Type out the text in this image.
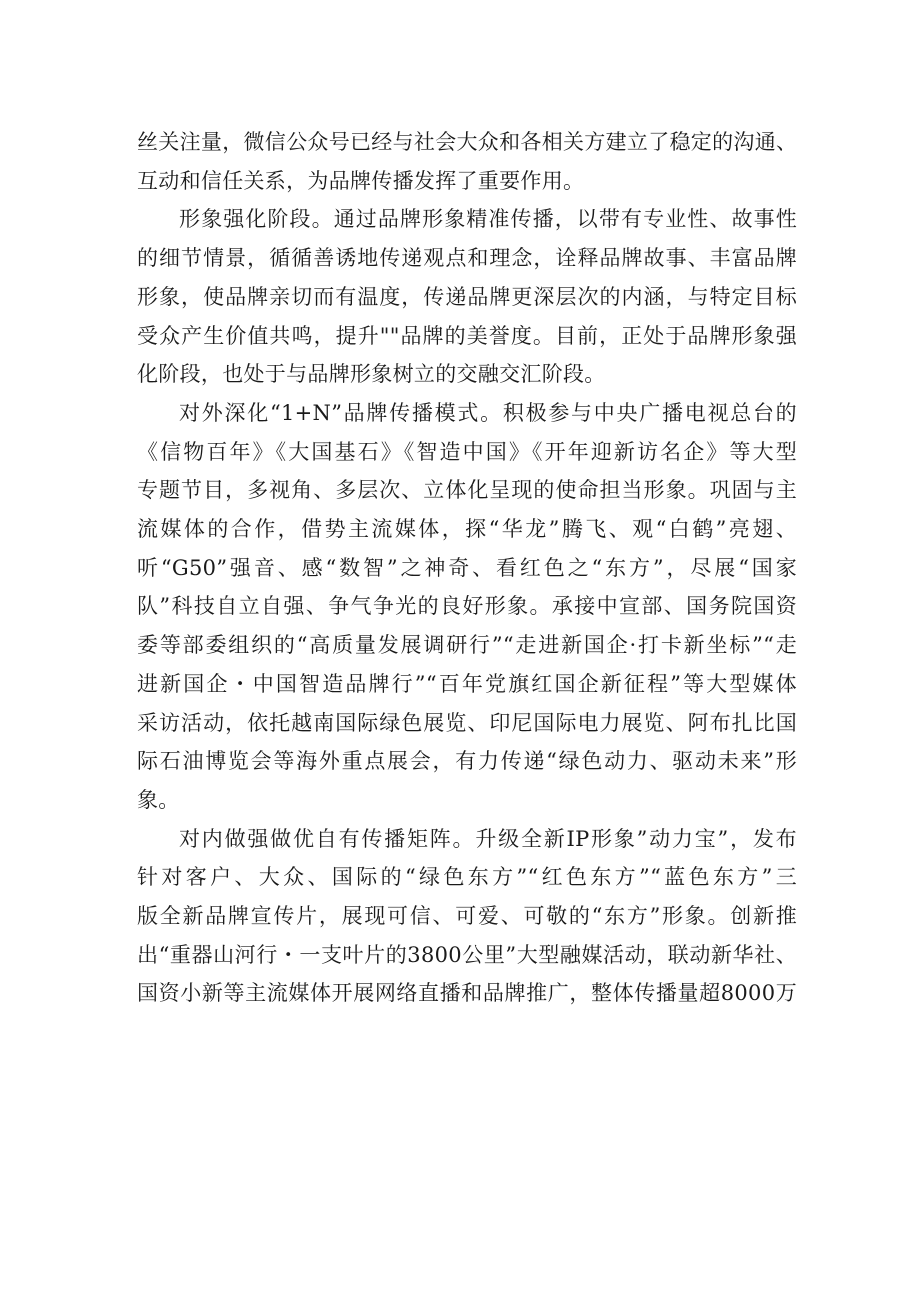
丝关注量，微信公众号已经与社会大众和各相关方建立了稳定的沟通、
互动和信任关系，为品牌传播发挥了重要作用。
形象强化阶段。通过品牌形象精准传播，以带有专业性、故事性
的细节情景，循循善诱地传递观点和理念，诠释品牌故事、丰富品牌
形象，使品牌亲切而有温度，传递品牌更深层次的内涵，与特定目标
受众产生价值共鸣，提升""品牌的美誉度。目前，正处于品牌形象强
化阶段，也处于与品牌形象树立的交融交汇阶段。
对外深化“1+N”品牌传播模式。积极参与中央广播电视总台的
《信物百年》《大国基石》《智造中国》《开年迎新访名企》等大型
专题节目，多视角、多层次、立体化呈现的使命担当形象。巩固与主
流媒体的合作，借势主流媒体，探“华龙”腾飞、观“白鹤”亮翅、
听“G50”强音、感“数智”之神奇、看红色之“东方”，尽展“国家
队”科技自立自强、争气争光的良好形象。承接中宣部、国务院国资
委等部委组织的“高质量发展调研行”“走进新国企·打卡新坐标”“走
进新国企・中国智造品牌行”“百年党旗红国企新征程”等大型媒体
采访活动，依托越南国际绿色展览、印尼国际电力展览、阿布扎比国
际石油博览会等海外重点展会，有力传递“绿色动力、驱动未来”形
象。
对内做强做优自有传播矩阵。升级全新IP形象”动力宝”，发布
针对客户、大众、国际的“绿色东方”“红色东方”“蓝色东方”三
版全新品牌宣传片，展现可信、可爱、可敬的“东方”形象。创新推
出“重器山河行・一支叶片的3800公里”大型融媒活动，联动新华社、
国资小新等主流媒体开展网络直播和品牌推广，整体传播量超8000万
